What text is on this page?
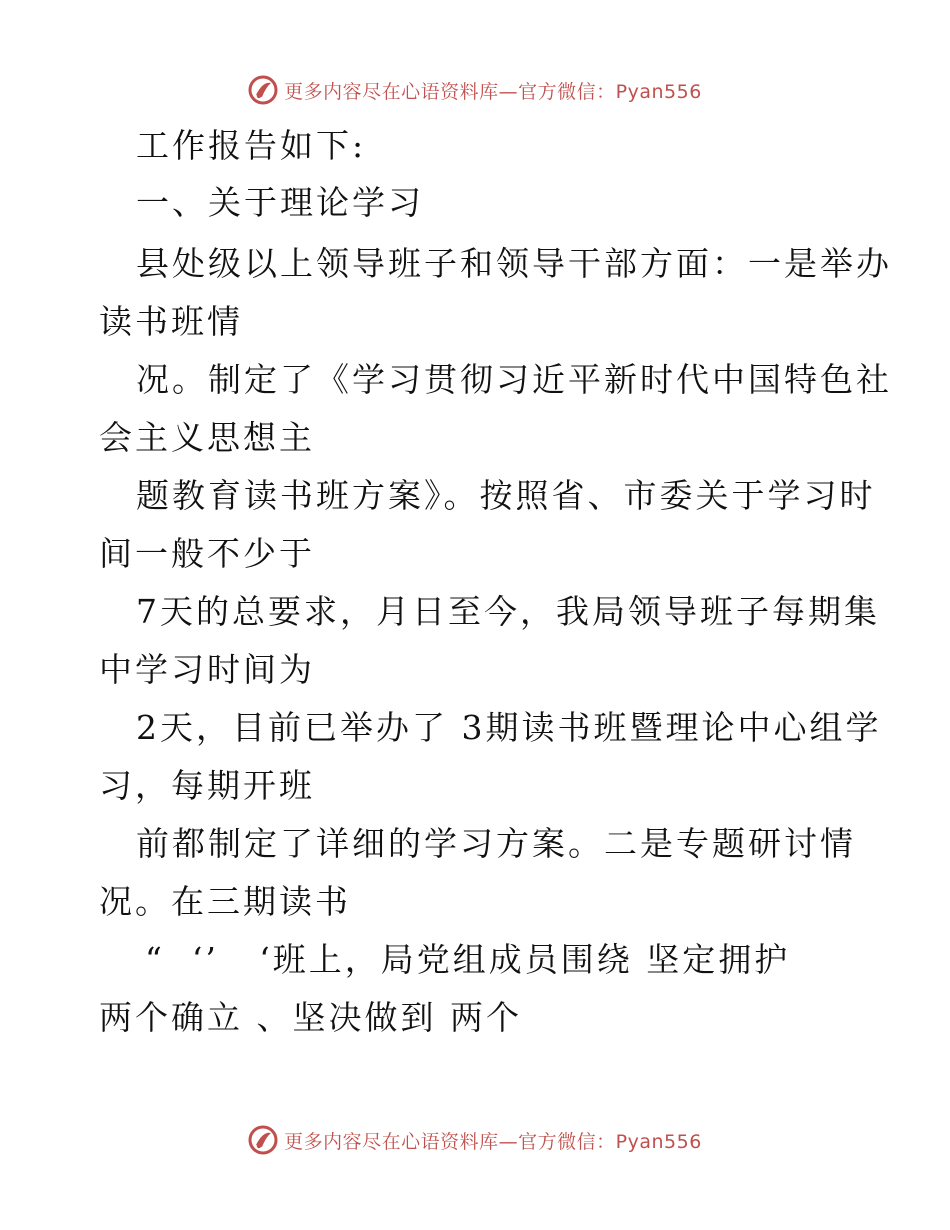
更多内容尽在心语资料库—官方微信：Pyan556
工作报告如下:
一、关于理论学习
县处级以上领导班子和领导干部方面：一是举办
读书班情
况。制定了《学习贯彻习近平新时代中国特色社
会主义思想主
题教育读书班方案》。按照省、市委关于学习时
间一般不少于
7天的总要求，月日至今，我局领导班子每期集
中学习时间为
2天，目前已举办了 3期读书班暨理论中心组学
习，每期开班
前都制定了详细的学习方案。二是专题研讨情
况。在三期读书
“  ‘’   ‘班上，局党组成员围绕 坚定拥护
两个确立 、坚决做到 两个
更多内容尽在心语资料库—官方微信：Pyan556
